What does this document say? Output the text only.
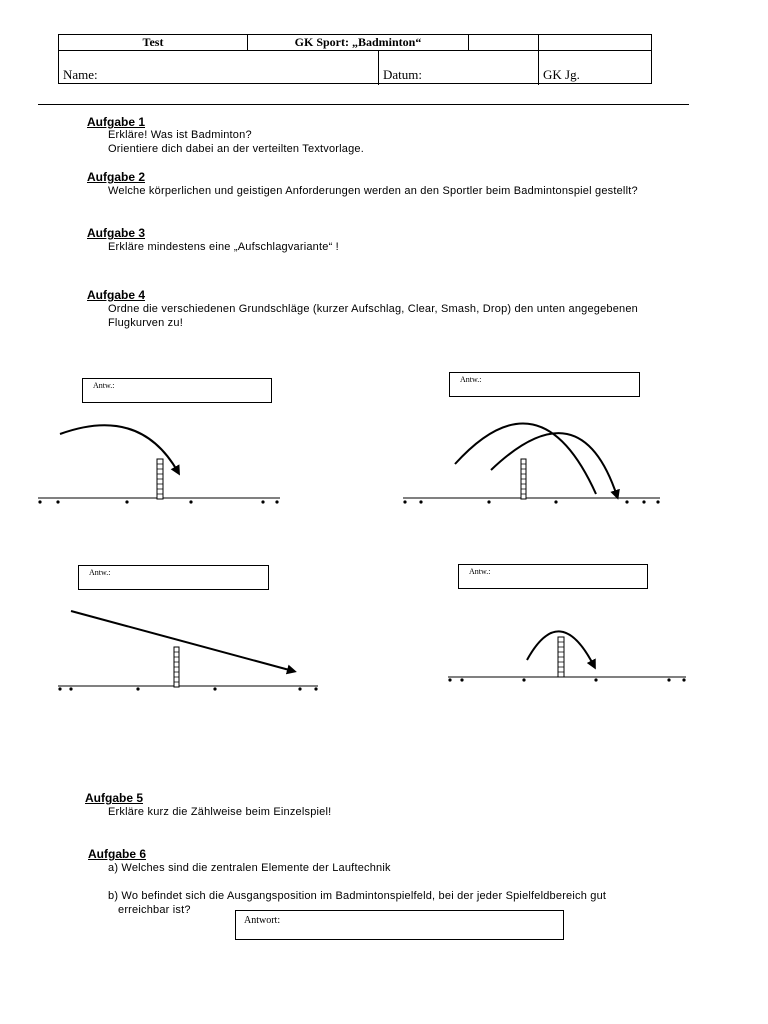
Test	GK Sport: „Badminton“
Name:	Datum:	GK Jg.
Aufgabe 1
Erkläre! Was ist Badminton?
Orientiere dich dabei an der verteilten Textvorlage.
Aufgabe 2
Welche körperlichen und geistigen Anforderungen werden an den Sportler beim Badmintonspiel gestellt?
Aufgabe 3
Erkläre mindestens eine „Aufschlagvariante“ !
Aufgabe 4
Ordne die verschiedenen Grundschläge (kurzer Aufschlag, Clear, Smash, Drop) den unten angegebenen
Flugkurven zu!
Antw.:
Antw.:
Antw.:	Antw.:
Aufgabe 5
Erkläre kurz die Zählweise beim Einzelspiel!
Aufgabe 6
a) Welches sind die zentralen Elemente der Lauftechnik
b) Wo befindet sich die Ausgangsposition im Badmintonspielfeld, bei der jeder Spielfeldbereich gut
erreichbar ist?
Antwort:
